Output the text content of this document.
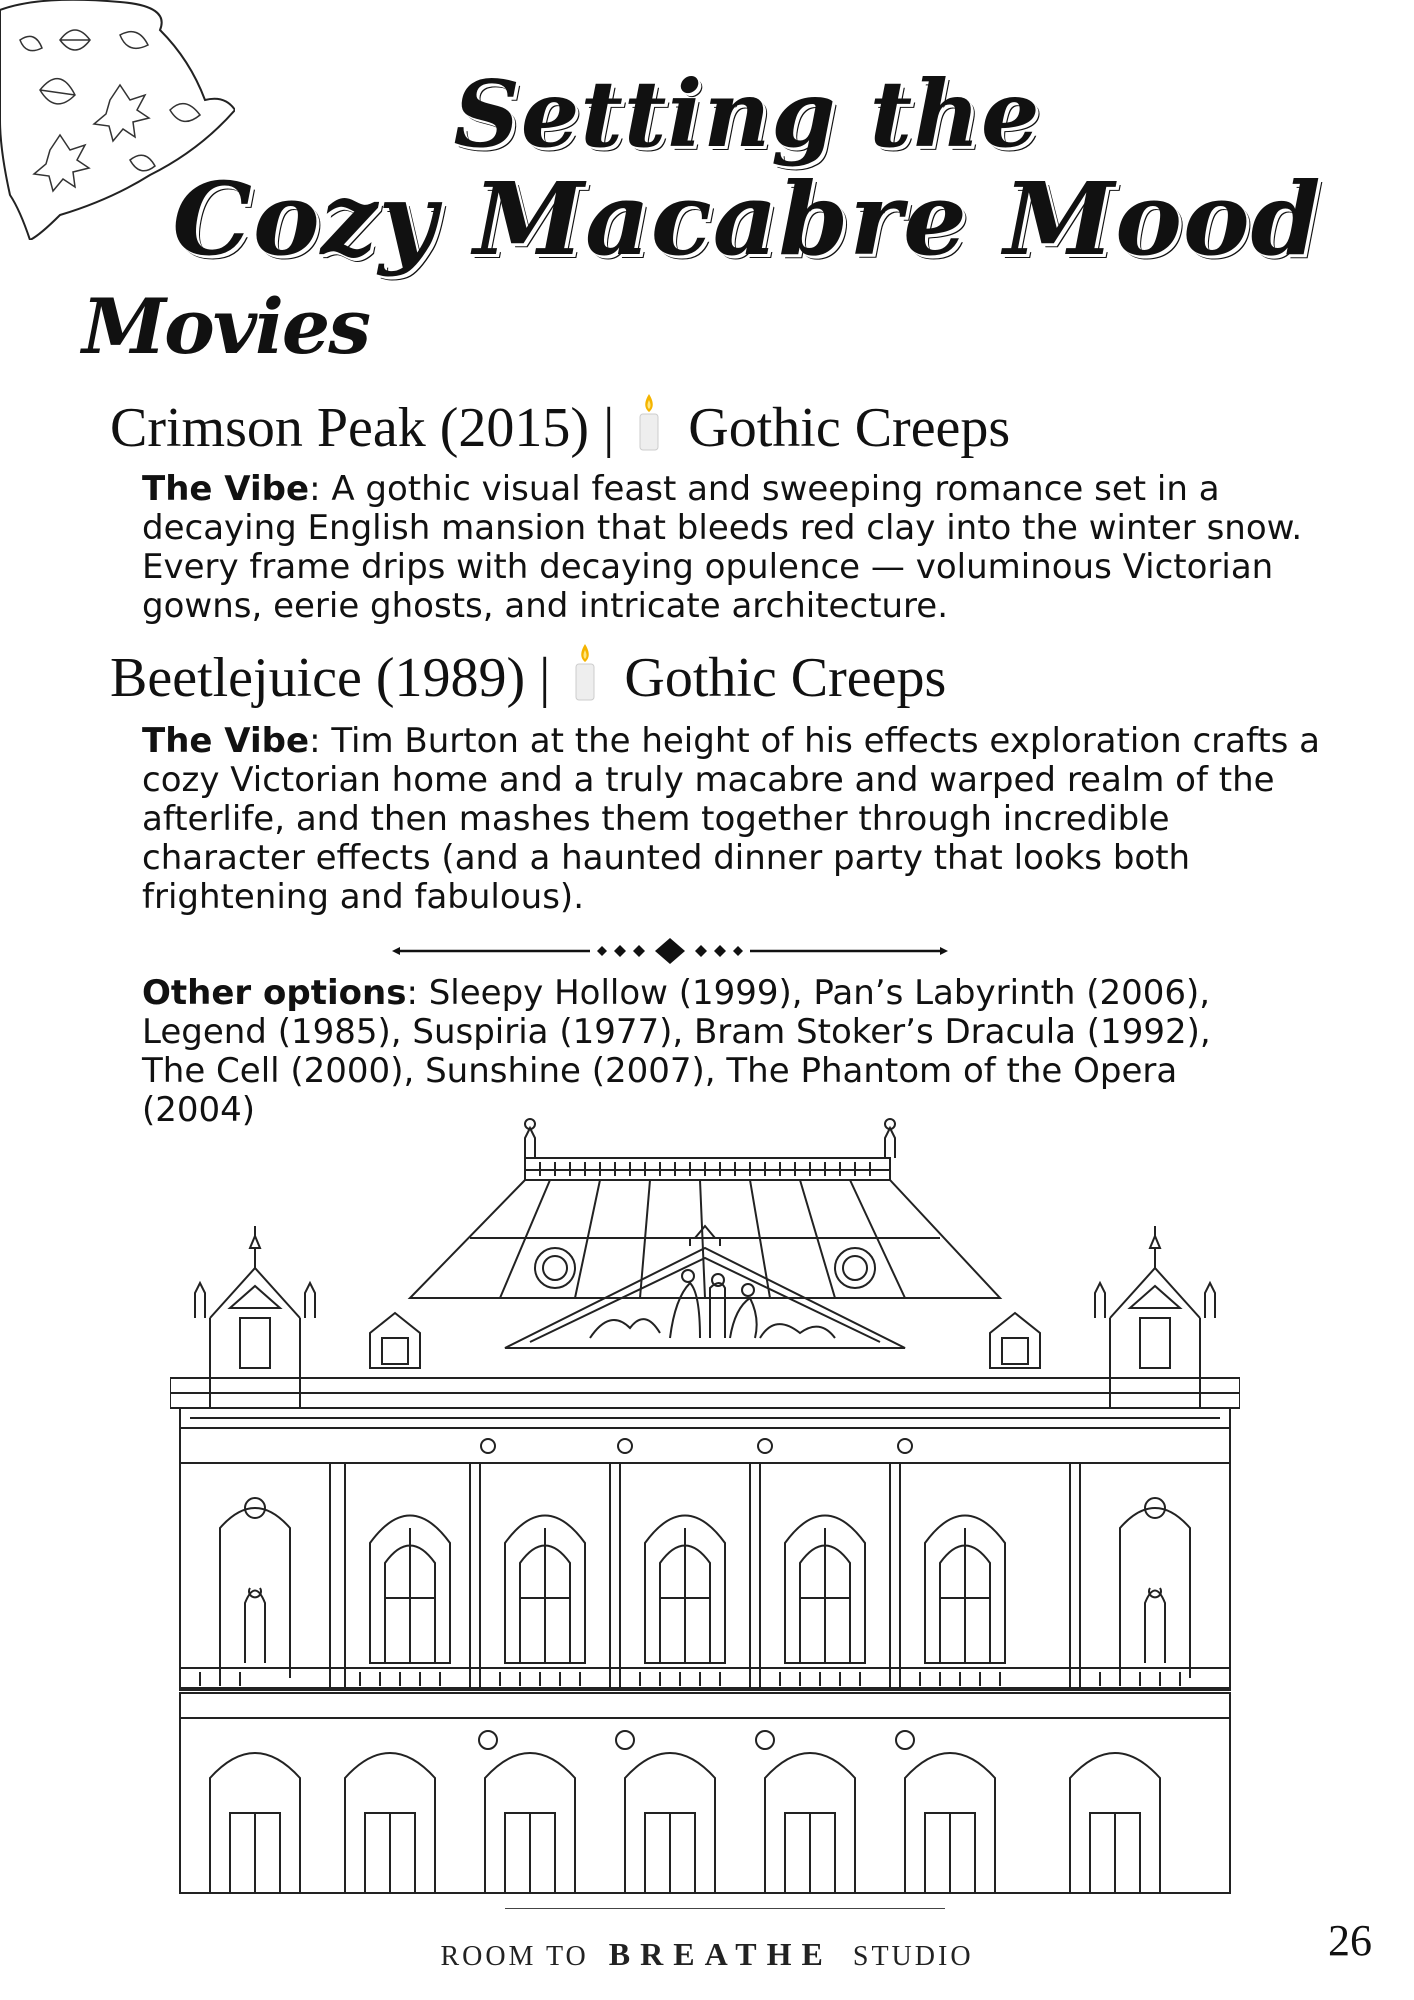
Setting the
Cozy Macabre Mood
Movies
Crimson Peak (2015) | Gothic Creeps

The Vibe: A gothic visual feast and sweeping romance set in a decaying English mansion that bleeds red clay into the winter snow. Every frame drips with decaying opulence — voluminous Victorian gowns, eerie ghosts, and intricate architecture.

Beetlejuice (1989) | Gothic Creeps

The Vibe: Tim Burton at the height of his effects exploration crafts a cozy Victorian home and a truly macabre and warped realm of the afterlife, and then mashes them together through incredible character effects (and a haunted dinner party that looks both frightening and fabulous).

Other options: Sleepy Hollow (1999), Pan’s Labyrinth (2006), Legend (1985), Suspiria (1977), Bram Stoker’s Dracula (1992), The Cell (2000), Sunshine (2007), The Phantom of the Opera (2004)

ROOM TO BREATHE STUDIO	26
